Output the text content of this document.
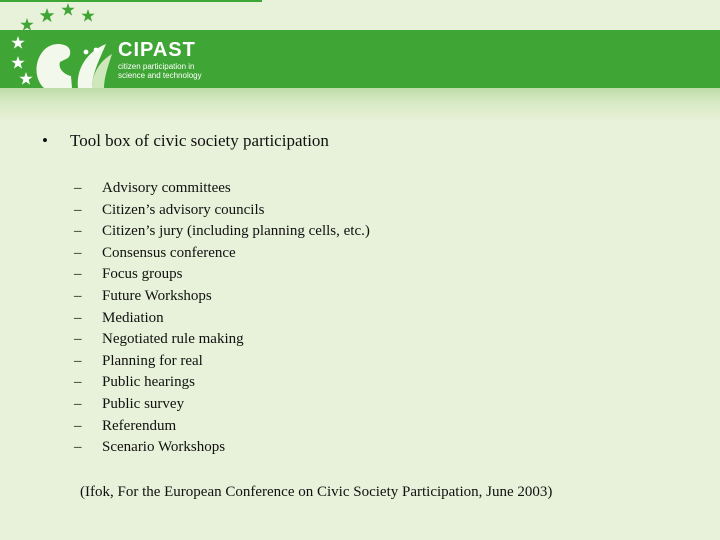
CIPAST
citizen participation in science and technology
• Tool box of civic society participation
– Advisory committees
– Citizen’s advisory councils
– Citizen’s jury (including planning cells, etc.)
– Consensus conference
– Focus groups
– Future Workshops
– Mediation
– Negotiated rule making
– Planning for real
– Public hearings
– Public survey
– Referendum
– Scenario Workshops
(Ifok, For the European Conference on Civic Society Participation, June 2003)
